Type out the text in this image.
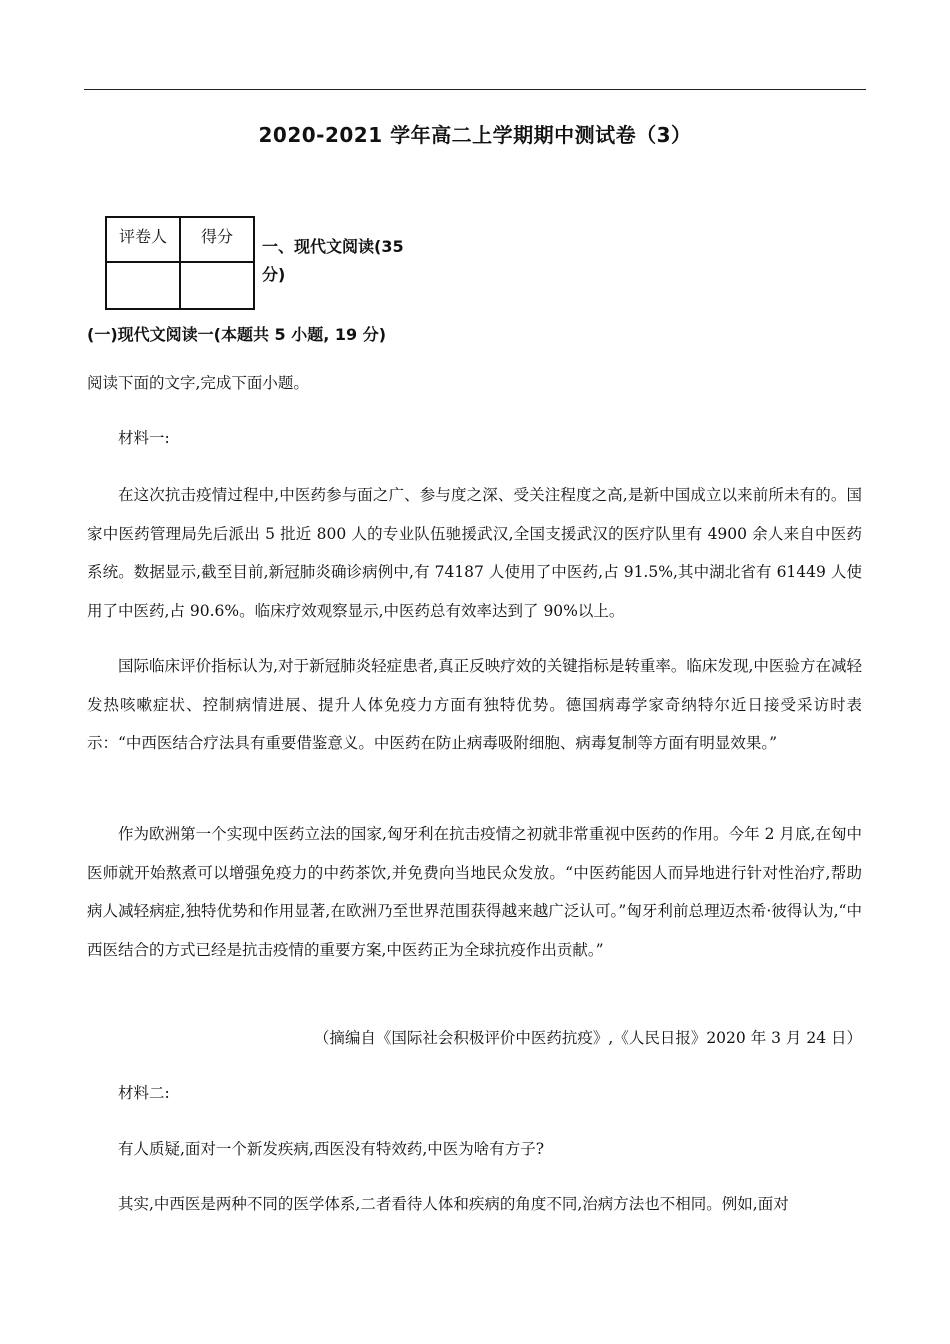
2020-2021 学年高二上学期期中测试卷（3）
评卷人	得分

一、现代文阅读(35分)
(一)现代文阅读一(本题共 5 小题, 19 分)

阅读下面的文字,完成下面小题。

材料一:

在这次抗击疫情过程中,中医药参与面之广、参与度之深、受关注程度之高,是新中国成立以来前所未有的。国家中医药管理局先后派出 5 批近 800 人的专业队伍驰援武汉,全国支援武汉的医疗队里有 4900 余人来自中医药系统。数据显示,截至目前,新冠肺炎确诊病例中,有 74187 人使用了中医药,占 91.5%,其中湖北省有 61449 人使用了中医药,占 90.6%。临床疗效观察显示,中医药总有效率达到了 90%以上。

国际临床评价指标认为,对于新冠肺炎轻症患者,真正反映疗效的关键指标是转重率。临床发现,中医验方在减轻发热咳嗽症状、控制病情进展、提升人体免疫力方面有独特优势。德国病毒学家奇纳特尔近日接受采访时表示：“中西医结合疗法具有重要借鉴意义。中医药在防止病毒吸附细胞、病毒复制等方面有明显效果。”

作为欧洲第一个实现中医药立法的国家,匈牙利在抗击疫情之初就非常重视中医药的作用。今年 2 月底,在匈中医师就开始熬煮可以增强免疫力的中药茶饮,并免费向当地民众发放。“中医药能因人而异地进行针对性治疗,帮助病人减轻病症,独特优势和作用显著,在欧洲乃至世界范围获得越来越广泛认可。”匈牙利前总理迈杰希·彼得认为,“中西医结合的方式已经是抗击疫情的重要方案,中医药正为全球抗疫作出贡献。”

（摘编自《国际社会积极评价中医药抗疫》,《人民日报》2020 年 3 月 24 日）

材料二:

有人质疑,面对一个新发疾病,西医没有特效药,中医为啥有方子?

其实,中西医是两种不同的医学体系,二者看待人体和疾病的角度不同,治病方法也不相同。例如,面对
